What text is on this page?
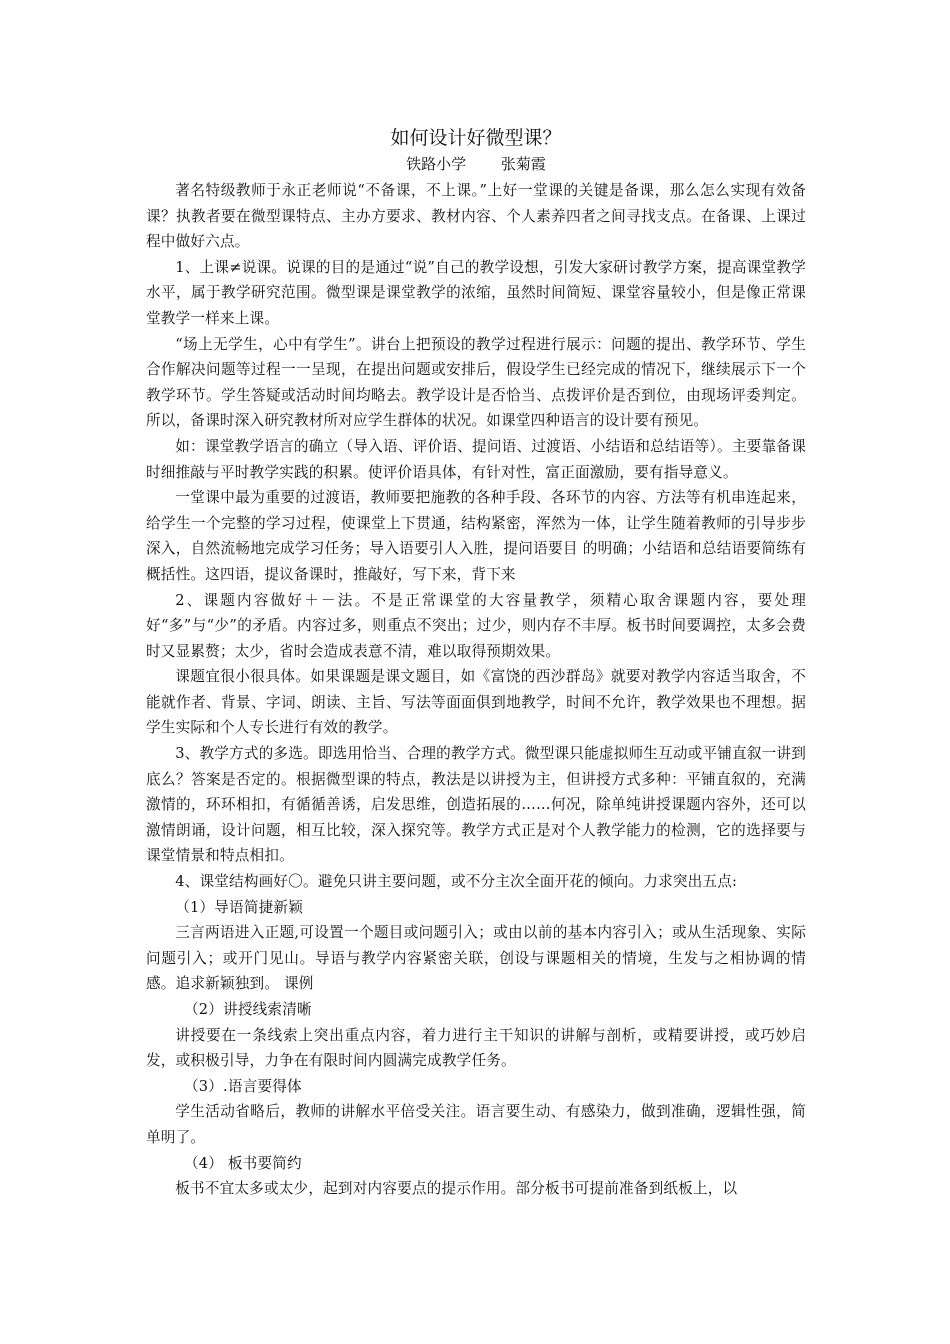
如何设计好微型课？

铁路小学 张菊霞

著名特级教师于永正老师说“不备课，不上课。”上好一堂课的关键是备课，那么怎么实现有效备课？执教者要在微型课特点、主办方要求、教材内容、个人素养四者之间寻找支点。在备课、上课过程中做好六点。

1、上课≠说课。说课的目的是通过“说”自己的教学设想，引发大家研讨教学方案，提高课堂教学水平，属于教学研究范围。微型课是课堂教学的浓缩，虽然时间简短、课堂容量较小，但是像正常课堂教学一样来上课。

“场上无学生，心中有学生”。讲台上把预设的教学过程进行展示：问题的提出、教学环节、学生合作解决问题等过程一一呈现，在提出问题或安排后，假设学生已经完成的情况下，继续展示下一个教学环节。学生答疑或活动时间均略去。教学设计是否恰当、点拨评价是否到位，由现场评委判定。所以，备课时深入研究教材所对应学生群体的状况。如课堂四种语言的设计要有预见。

如：课堂教学语言的确立（导入语、评价语、提问语、过渡语、小结语和总结语等）。主要靠备课时细推敲与平时教学实践的积累。使评价语具体，有针对性，富正面激励，要有指导意义。

一堂课中最为重要的过渡语，教师要把施教的各种手段、各环节的内容、方法等有机串连起来，给学生一个完整的学习过程，使课堂上下贯通，结构紧密，浑然为一体，让学生随着教师的引导步步深入，自然流畅地完成学习任务；导入语要引人入胜，提问语要目 的明确；小结语和总结语要简练有概括性。这四语，提议备课时，推敲好，写下来，背下来

2、课题内容做好＋－法。不是正常课堂的大容量教学，须精心取舍课题内容，要处理好“多”与“少”的矛盾。内容过多，则重点不突出；过少，则内存不丰厚。板书时间要调控，太多会费时又显累赘；太少，省时会造成表意不清，难以取得预期效果。

课题宜很小很具体。如果课题是课文题目，如《富饶的西沙群岛》就要对教学内容适当取舍，不能就作者、背景、字词、朗读、主旨、写法等面面俱到地教学，时间不允许，教学效果也不理想。据学生实际和个人专长进行有效的教学。

3、教学方式的多选。即选用恰当、合理的教学方式。微型课只能虚拟师生互动或平铺直叙一讲到底么？答案是否定的。根据微型课的特点，教法是以讲授为主，但讲授方式多种：平铺直叙的，充满激情的，环环相扣，有循循善诱，启发思维，创造拓展的……何况，除单纯讲授课题内容外，还可以激情朗诵，设计问题，相互比较，深入探究等。教学方式正是对个人教学能力的检测，它的选择要与课堂情景和特点相扣。

4、课堂结构画好〇。避免只讲主要问题，或不分主次全面开花的倾向。力求突出五点:

（1）导语简捷新颖

三言两语进入正题,可设置一个题目或问题引入；或由以前的基本内容引入；或从生活现象、实际问题引入；或开门见山。导语与教学内容紧密关联，创设与课题相关的情境，生发与之相协调的情感。追求新颖独到。 课例

（2）讲授线索清晰

讲授要在一条线索上突出重点内容，着力进行主干知识的讲解与剖析，或精要讲授，或巧妙启发，或积极引导，力争在有限时间内圆满完成教学任务。

（3）.语言要得体

学生活动省略后，教师的讲解水平倍受关注。语言要生动、有感染力，做到准确，逻辑性强，简单明了。

（4） 板书要简约

板书不宜太多或太少，起到对内容要点的提示作用。部分板书可提前准备到纸板上，以
